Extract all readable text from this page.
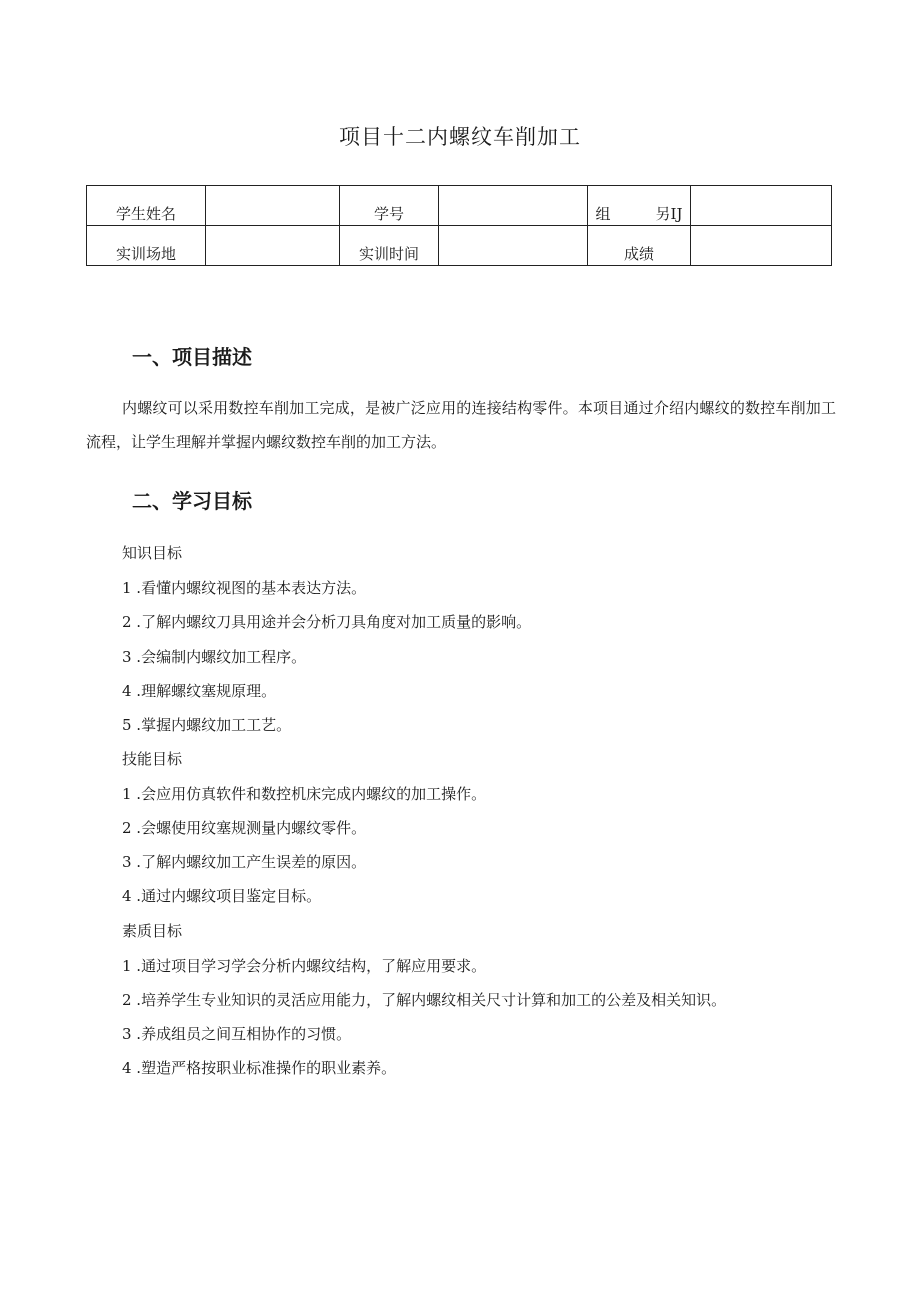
项目十二内螺纹车削加工
学生姓名		学号		组　　　另IJ	
实训场地		实训时间		成绩	
一、项目描述
内螺纹可以采用数控车削加工完成，是被广泛应用的连接结构零件。本项目通过介绍内螺纹的数控车削加工流程，让学生理解并掌握内螺纹数控车削的加工方法。
二、学习目标
知识目标
1 .看懂内螺纹视图的基本表达方法。
2 .了解内螺纹刀具用途并会分析刀具角度对加工质量的影响。
3 .会编制内螺纹加工程序。
4 .理解螺纹塞规原理。
5 .掌握内螺纹加工工艺。
技能目标
1 .会应用仿真软件和数控机床完成内螺纹的加工操作。
2 .会螺使用纹塞规测量内螺纹零件。
3 .了解内螺纹加工产生误差的原因。
4 .通过内螺纹项目鉴定目标。
素质目标
1 .通过项目学习学会分析内螺纹结构，了解应用要求。
2 .培养学生专业知识的灵活应用能力，了解内螺纹相关尺寸计算和加工的公差及相关知识。
3 .养成组员之间互相协作的习惯。
4 .塑造严格按职业标准操作的职业素养。
